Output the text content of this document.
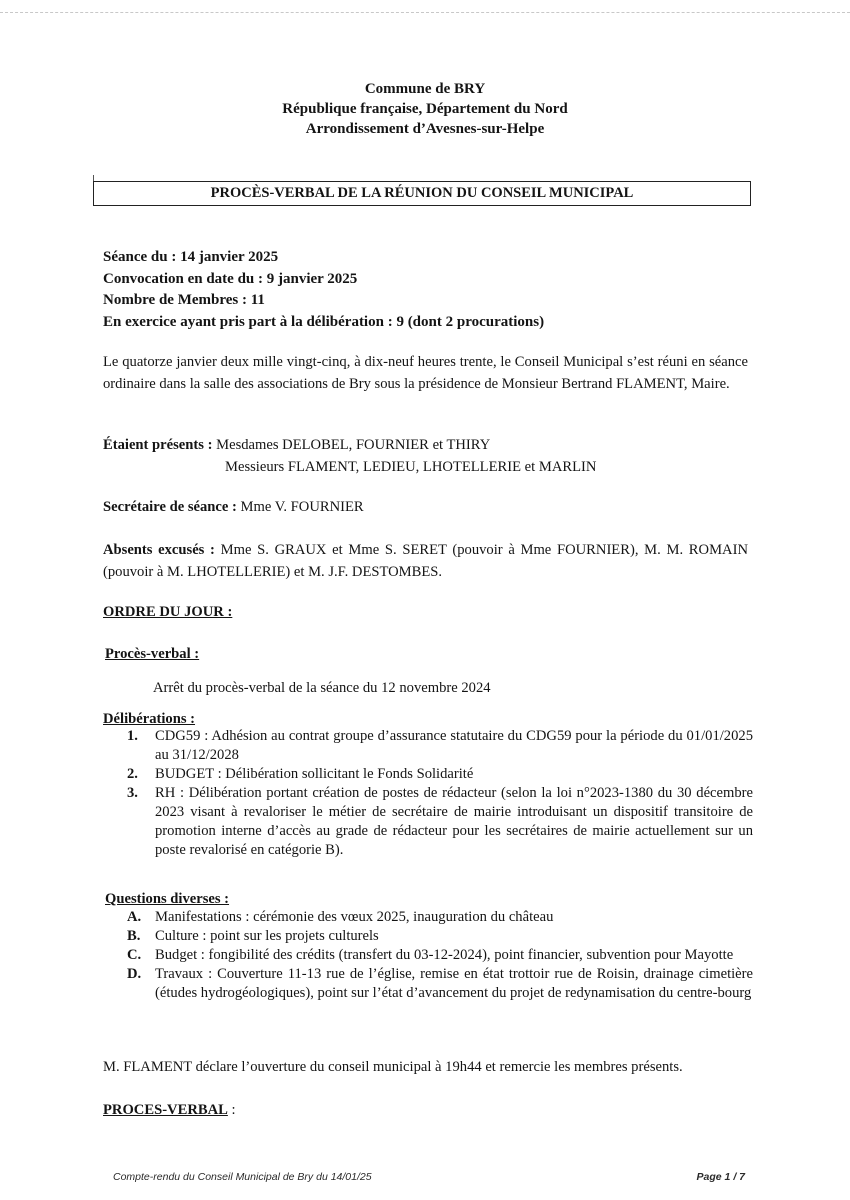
Commune de BRY
République française, Département du Nord
Arrondissement d’Avesnes-sur-Helpe
PROCÈS-VERBAL DE LA RÉUNION DU CONSEIL MUNICIPAL
Séance du : 14 janvier 2025
Convocation en date du : 9 janvier 2025
Nombre de Membres : 11
En exercice ayant pris part à la délibération : 9 (dont 2 procurations)
Le quatorze janvier deux mille vingt-cinq, à dix-neuf heures trente, le Conseil Municipal s’est réuni en séance ordinaire dans la salle des associations de Bry sous la présidence de Monsieur Bertrand FLAMENT, Maire.
Étaient présents : Mesdames DELOBEL, FOURNIER et THIRY
Messieurs FLAMENT, LEDIEU, LHOTELLERIE et MARLIN
Secrétaire de séance : Mme V. FOURNIER
Absents excusés : Mme S. GRAUX et Mme S. SERET (pouvoir à Mme FOURNIER), M. M. ROMAIN (pouvoir à M. LHOTELLERIE) et M. J.F. DESTOMBES.
ORDRE DU JOUR :
Procès-verbal :
Arrêt du procès-verbal de la séance du 12 novembre 2024
Délibérations :
1. CDG59 : Adhésion au contrat groupe d’assurance statutaire du CDG59 pour la période du 01/01/2025 au 31/12/2028
2. BUDGET : Délibération sollicitant le Fonds Solidarité
3. RH : Délibération portant création de postes de rédacteur (selon la loi n°2023-1380 du 30 décembre 2023 visant à revaloriser le métier de secrétaire de mairie introduisant un dispositif transitoire de promotion interne d’accès au grade de rédacteur pour les secrétaires de mairie actuellement sur un poste revalorisé en catégorie B).
Questions diverses :
A. Manifestations : cérémonie des vœux 2025, inauguration du château
B. Culture : point sur les projets culturels
C. Budget : fongibilité des crédits (transfert du 03-12-2024), point financier, subvention pour Mayotte
D. Travaux : Couverture 11-13 rue de l’église, remise en état trottoir rue de Roisin, drainage cimetière (études hydrogéologiques), point sur l’état d’avancement du projet de redynamisation du centre-bourg
M. FLAMENT déclare l’ouverture du conseil municipal à 19h44 et remercie les membres présents.
PROCES-VERBAL :
Compte-rendu du Conseil Municipal de Bry du 14/01/25	Page 1 / 7
